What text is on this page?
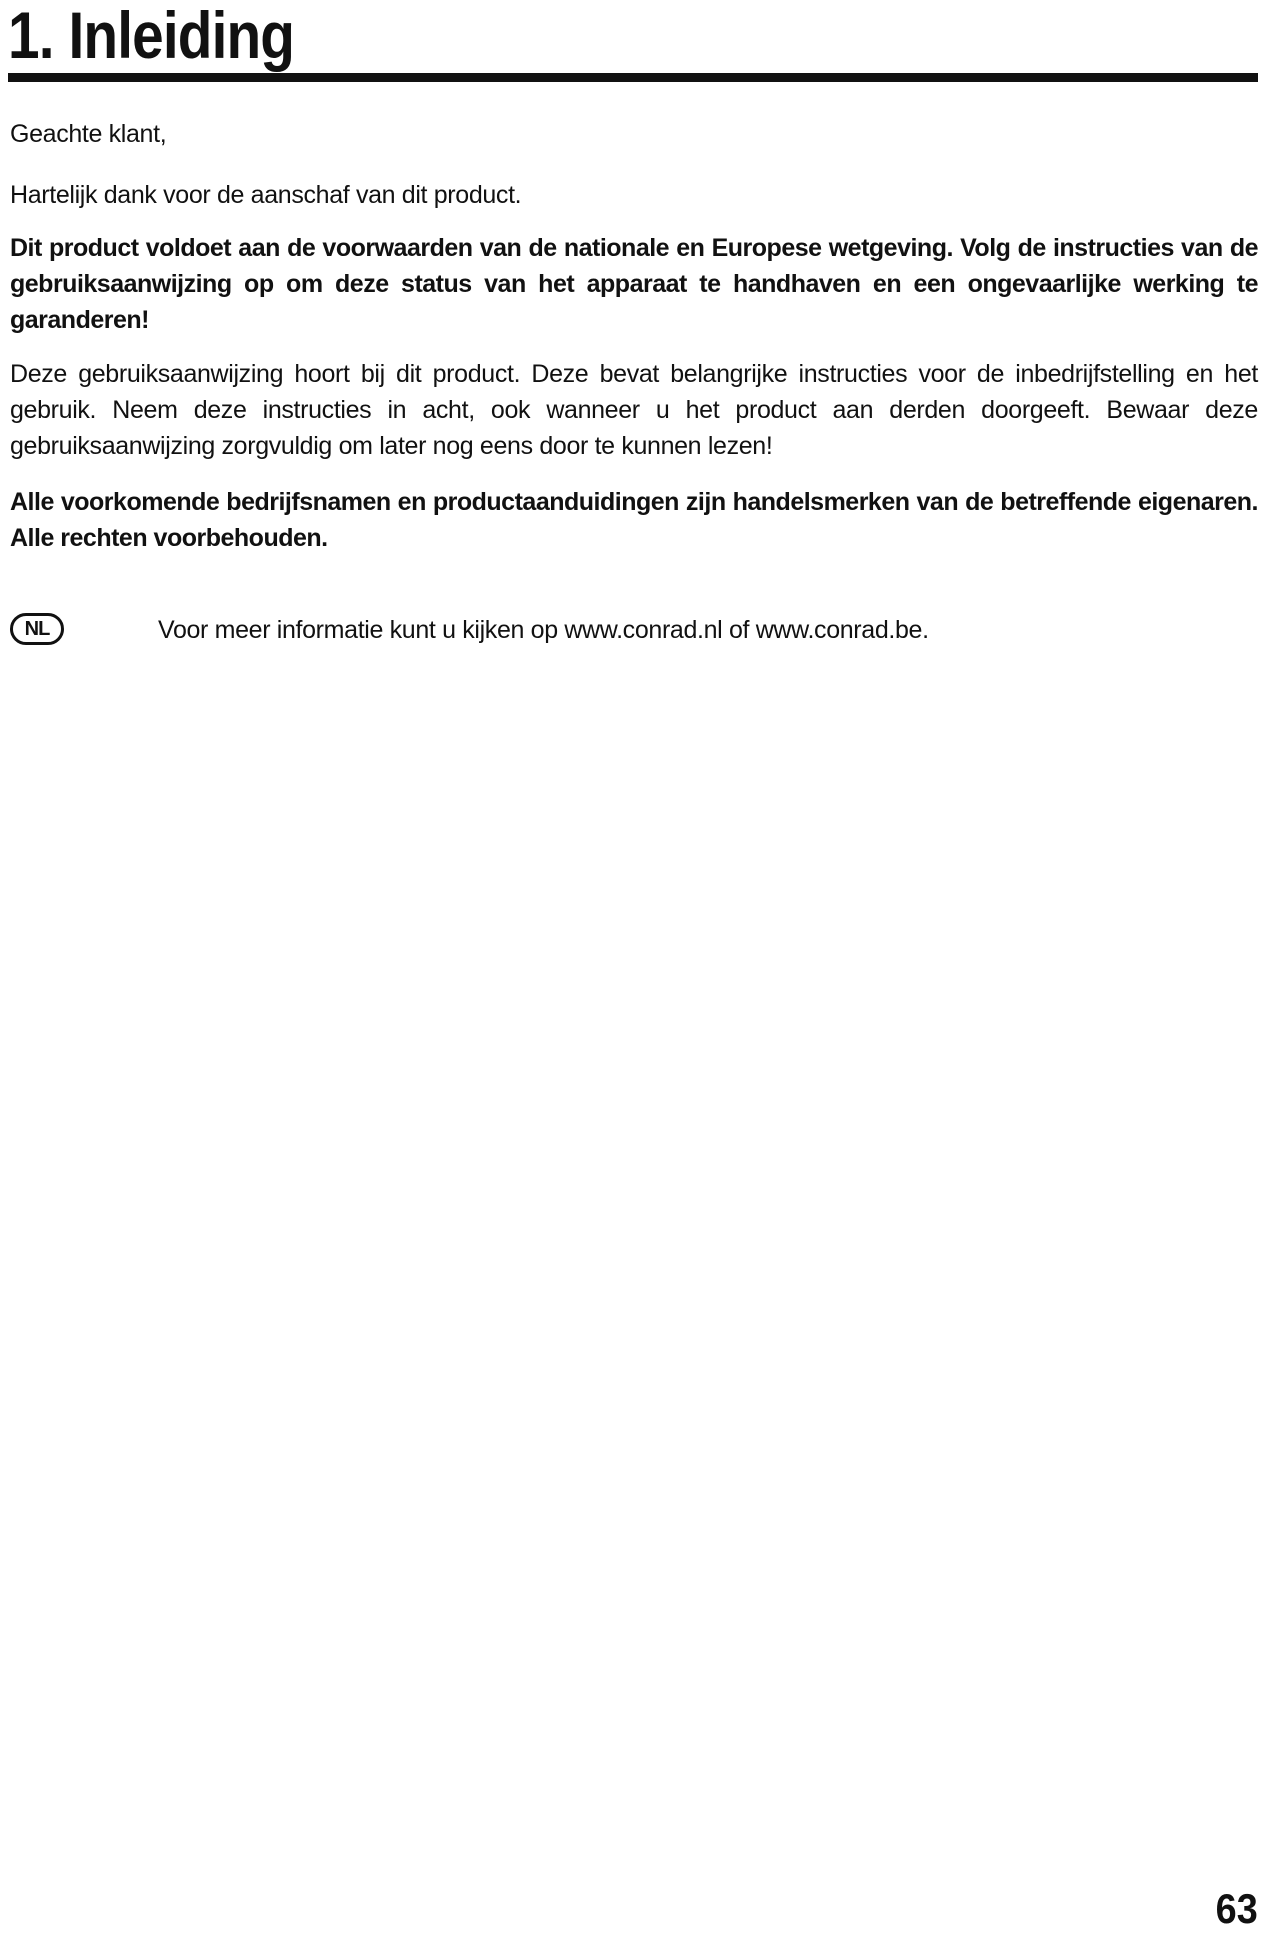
1. Inleiding

Geachte klant,

Hartelijk dank voor de aanschaf van dit product.

Dit product voldoet aan de voorwaarden van de nationale en Europese wetgeving. Volg de instructies van de gebruiksaanwijzing op om deze status van het apparaat te handhaven en een ongevaarlijke werking te garanderen!

Deze gebruiksaanwijzing hoort bij dit product. Deze bevat belangrijke instructies voor de inbedrijfstelling en het gebruik. Neem deze instructies in acht, ook wanneer u het product aan derden doorgeeft. Bewaar deze gebruiksaanwijzing zorgvuldig om later nog eens door te kunnen lezen!

Alle voorkomende bedrijfsnamen en productaanduidingen zijn handelsmerken van de betreffende eigenaren. Alle rechten voorbehouden.

NL	Voor meer informatie kunt u kijken op www.conrad.nl of www.conrad.be.

63
